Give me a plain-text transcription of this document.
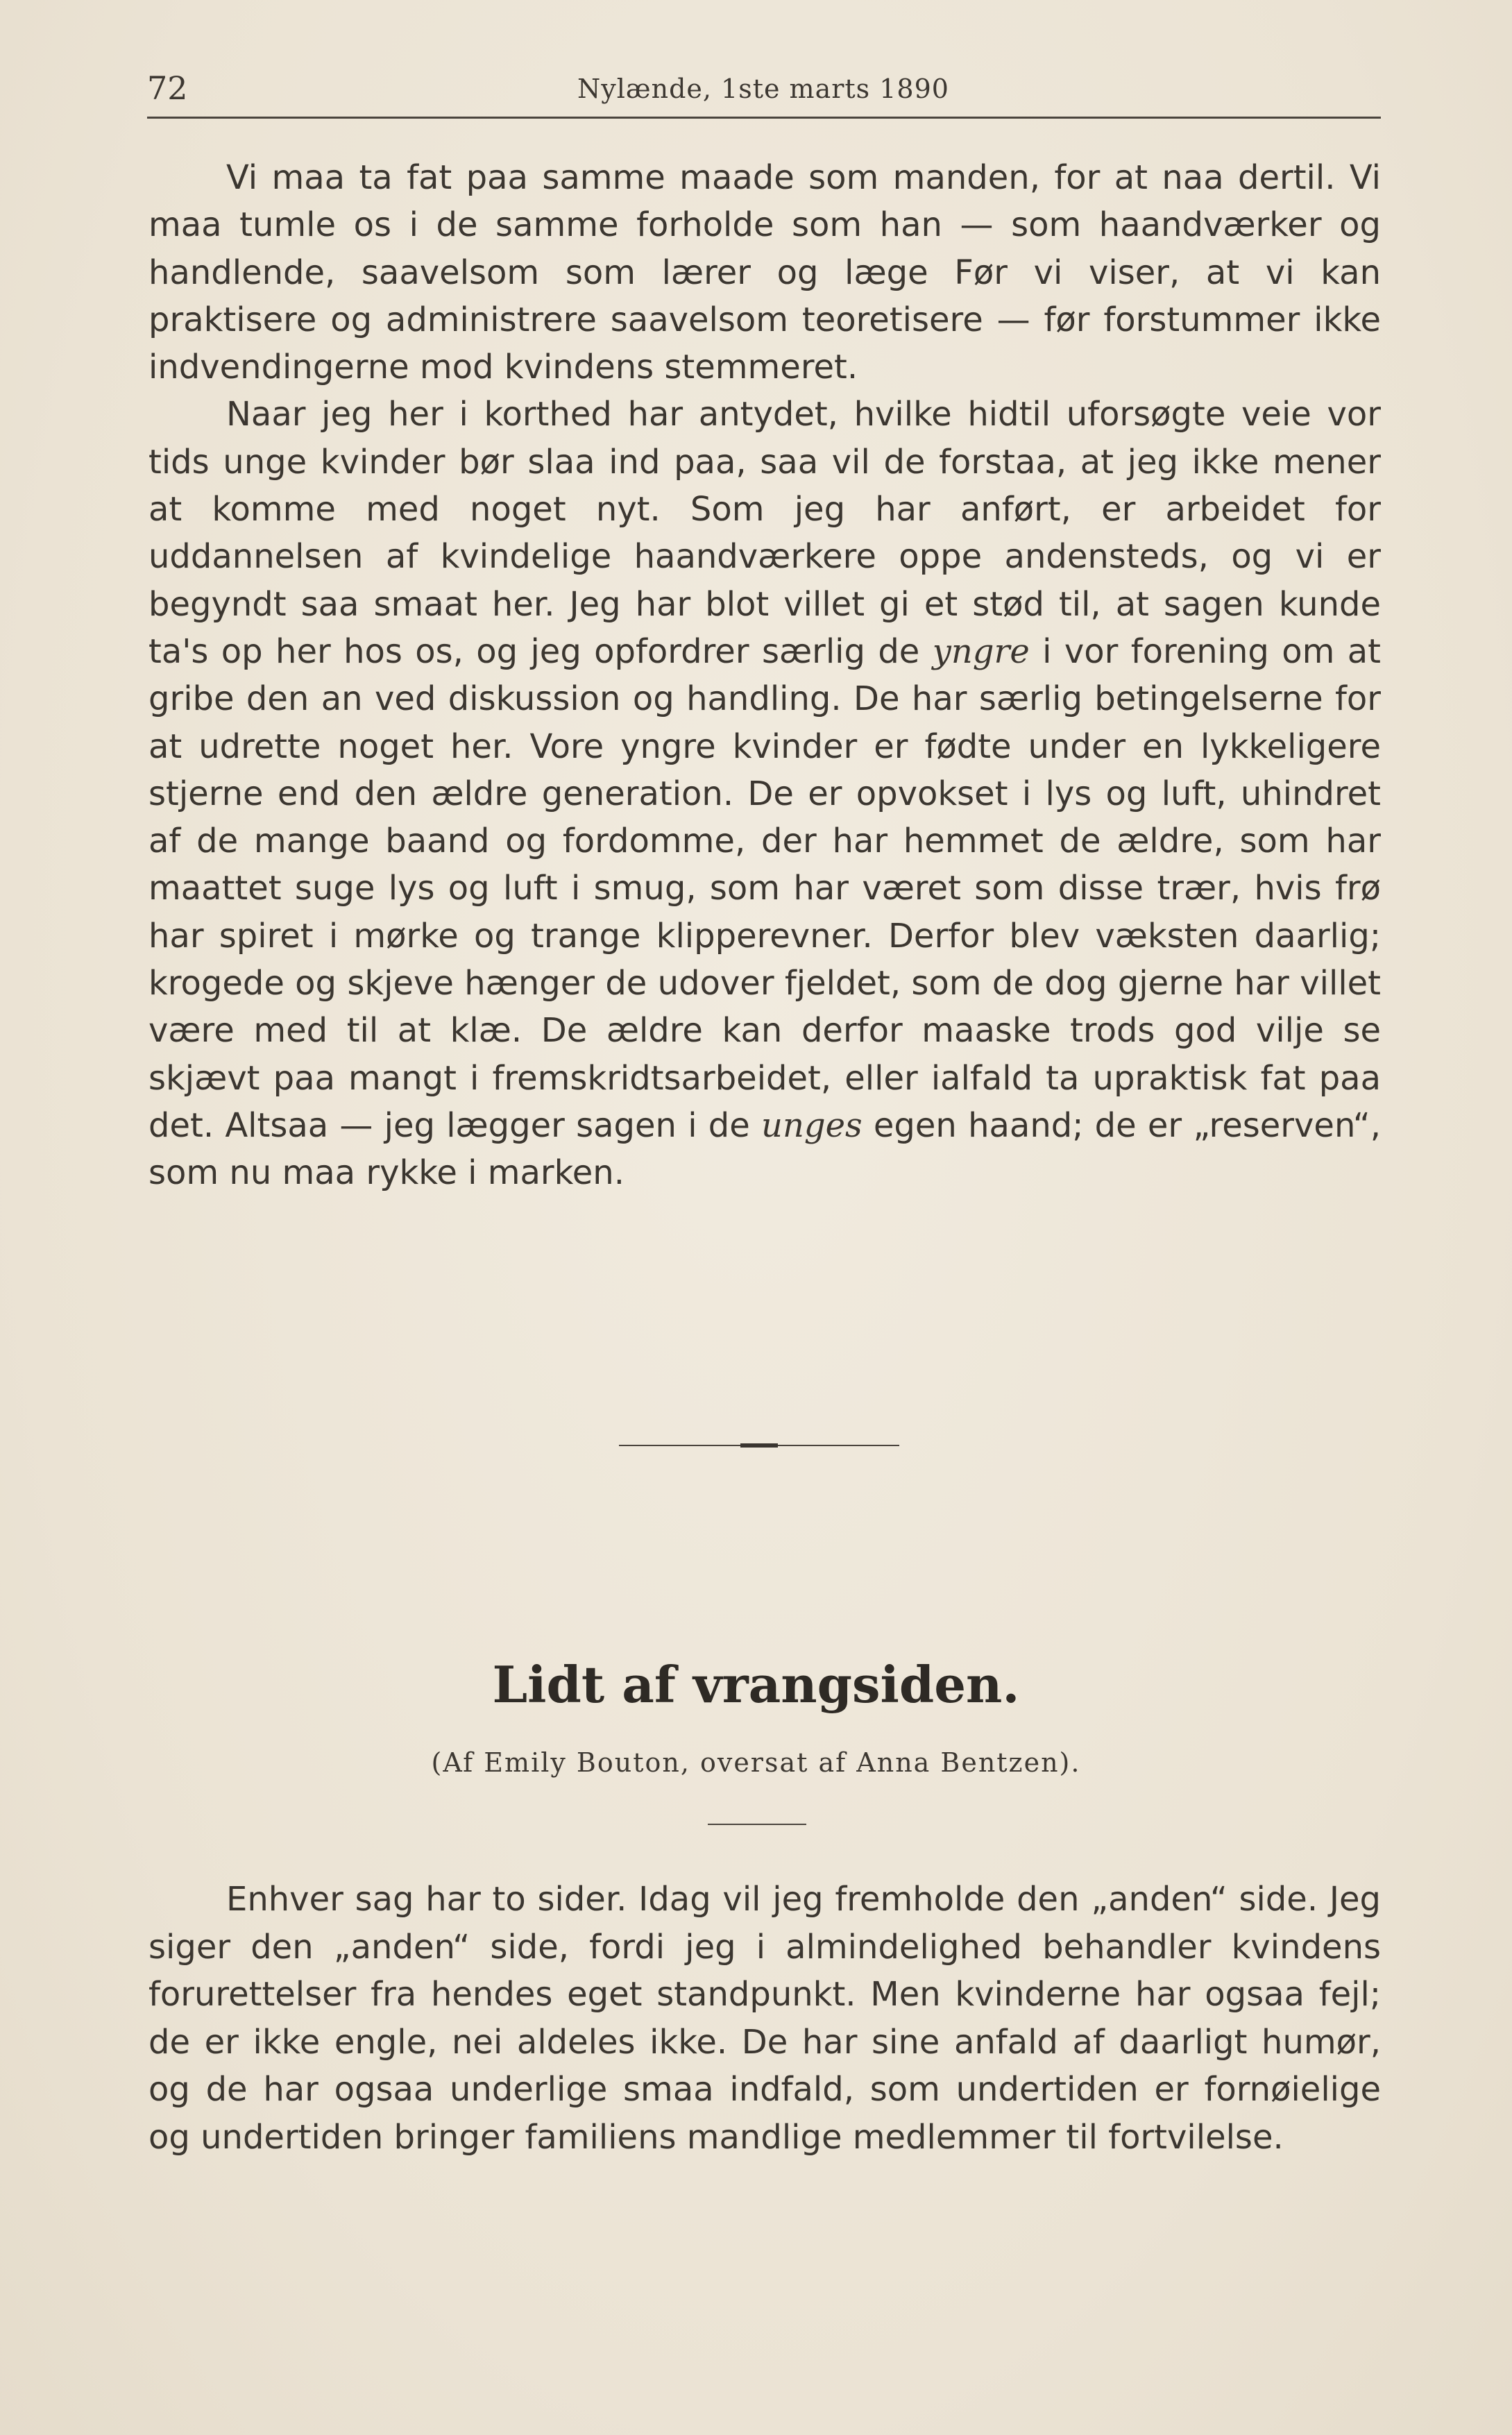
72	Nylænde, 1ste marts 1890

Vi maa ta fat paa samme maade som manden, for at naa dertil. Vi maa tumle os i de samme forholde som han — som haandværker og handlende, saavelsom som lærer og læge Før vi viser, at vi kan praktisere og administrere saavelsom teoretisere — før forstummer ikke indvendingerne mod kvindens stemmeret.

Naar jeg her i korthed har antydet, hvilke hidtil uforsøgte veie vor tids unge kvinder bør slaa ind paa, saa vil de forstaa, at jeg ikke mener at komme med noget nyt. Som jeg har anført, er arbeidet for uddannelsen af kvindelige haandværkere oppe andensteds, og vi er begyndt saa smaat her. Jeg har blot villet gi et stød til, at sagen kunde ta's op her hos os, og jeg opfordrer særlig de yngre i vor forening om at gribe den an ved diskussion og handling. De har særlig betingelserne for at udrette noget her. Vore yngre kvinder er fødte under en lykkeligere stjerne end den ældre generation. De er opvokset i lys og luft, uhindret af de mange baand og fordomme, der har hemmet de ældre, som har maattet suge lys og luft i smug, som har været som disse trær, hvis frø har spiret i mørke og trange klipperevner. Derfor blev væksten daarlig; krogede og skjeve hænger de udover fjeldet, som de dog gjerne har villet være med til at klæ. De ældre kan derfor maaske trods god vilje se skjævt paa mangt i fremskridtsarbeidet, eller ialfald ta upraktisk fat paa det. Altsaa — jeg lægger sagen i de unges egen haand; de er „reserven“, som nu maa rykke i marken.

Lidt af vrangsiden.
(Af Emily Bouton, oversat af Anna Bentzen).

Enhver sag har to sider. Idag vil jeg fremholde den „anden“ side. Jeg siger den „anden“ side, fordi jeg i almindelighed behandler kvindens forurettelser fra hendes eget standpunkt. Men kvinderne har ogsaa fejl; de er ikke engle, nei aldeles ikke. De har sine anfald af daarligt humør, og de har ogsaa underlige smaa indfald, som undertiden er fornøielige og undertiden bringer familiens mandlige medlemmer til fortvilelse.
